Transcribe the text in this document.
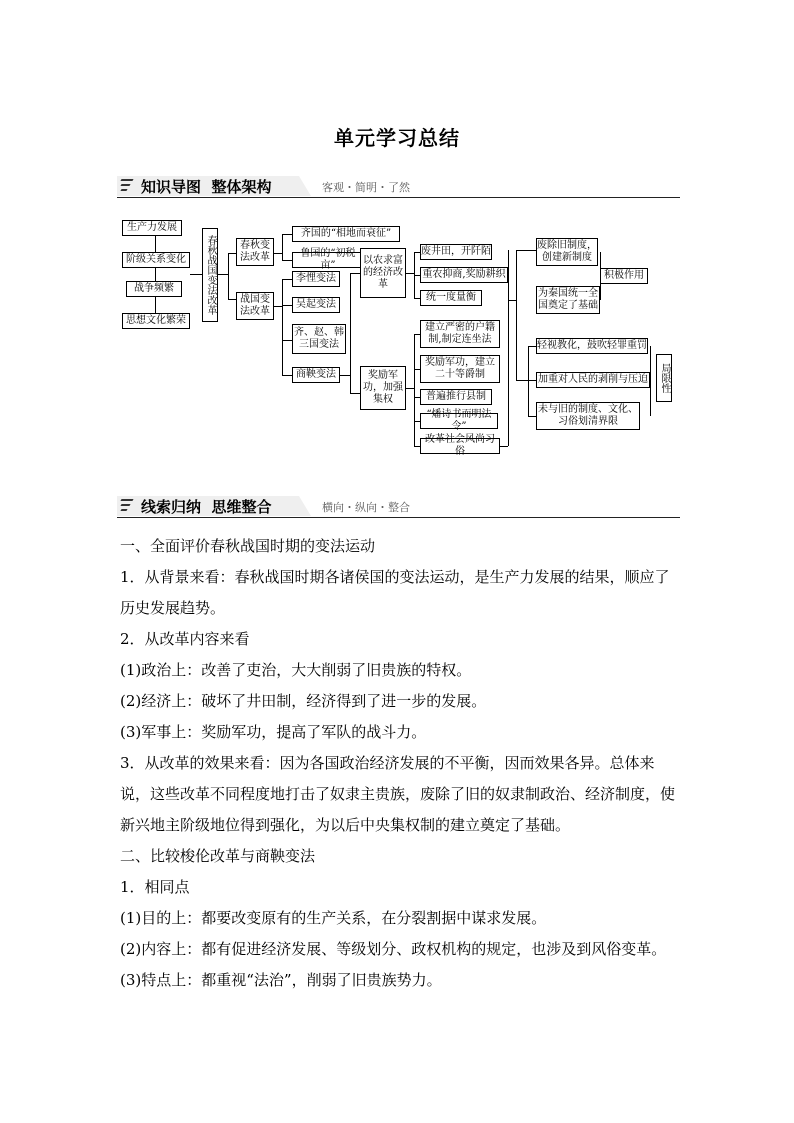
单元学习总结
知识导图  整体架构	客观・简明・了然
生产力发展
阶级关系变化
战争频繁
思想文化繁荣
春秋战国变法改革	春秋变法改革
战国变法改革
齐国的“相地而衰征”
鲁国的“初税亩”
李悝变法
吴起变法
齐、赵、韩三国变法
商鞅变法
以农求富的经济改革
奖励军功，加强集权
废井田，开阡陌
重农抑商,奖励耕织
统一度量衡
建立严密的户籍制,制定连坐法
奖励军功，建立二十等爵制
普遍推行县制
“燔诗书而明法令”
改革社会风尚习俗
废除旧制度，创建新制度
为秦国统一全国奠定了基础
积极作用
轻视教化，鼓吹轻罪重罚
加重对人民的剥削与压迫
未与旧的制度、文化、习俗划清界限
局限性
线索归纳  思维整合	横向・纵向・整合

一、全面评价春秋战国时期的变法运动

1．从背景来看：春秋战国时期各诸侯国的变法运动，是生产力发展的结果，顺应了历史发展趋势。

2．从改革内容来看

(1)政治上：改善了吏治，大大削弱了旧贵族的特权。

(2)经济上：破坏了井田制，经济得到了进一步的发展。

(3)军事上：奖励军功，提高了军队的战斗力。

3．从改革的效果来看：因为各国政治经济发展的不平衡，因而效果各异。总体来说，这些改革不同程度地打击了奴隶主贵族，废除了旧的奴隶制政治、经济制度，使新兴地主阶级地位得到强化，为以后中央集权制的建立奠定了基础。

二、比较梭伦改革与商鞅变法

1．相同点

(1)目的上：都要改变原有的生产关系，在分裂割据中谋求发展。

(2)内容上：都有促进经济发展、等级划分、政权机构的规定，也涉及到风俗变革。

(3)特点上：都重视“法治”，削弱了旧贵族势力。
